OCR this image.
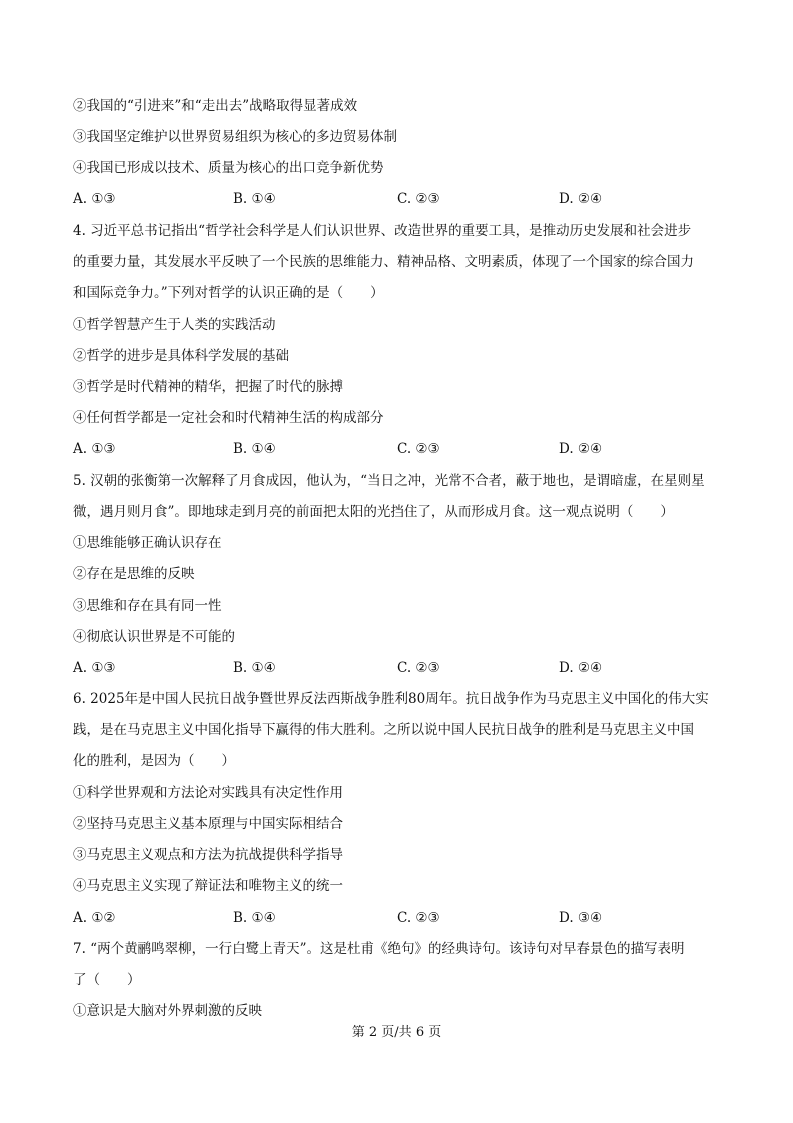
②我国的“引进来”和“走出去”战略取得显著成效
③我国坚定维护以世界贸易组织为核心的多边贸易体制
④我国已形成以技术、质量为核心的出口竞争新优势
A. ①③	B. ①④	C. ②③	D. ②④
4. 习近平总书记指出“哲学社会科学是人们认识世界、改造世界的重要工具，是推动历史发展和社会进步
的重要力量，其发展水平反映了一个民族的思维能力、精神品格、文明素质，体现了一个国家的综合国力
和国际竞争力。”下列对哲学的认识正确的是（　　）
①哲学智慧产生于人类的实践活动
②哲学的进步是具体科学发展的基础
③哲学是时代精神的精华，把握了时代的脉搏
④任何哲学都是一定社会和时代精神生活的构成部分
A. ①③	B. ①④	C. ②③	D. ②④
5. 汉朝的张衡第一次解释了月食成因，他认为，“当日之冲，光常不合者，蔽于地也，是谓暗虚，在星则星
微，遇月则月食”。即地球走到月亮的前面把太阳的光挡住了，从而形成月食。这一观点说明（　　）
①思维能够正确认识存在
②存在是思维的反映
③思维和存在具有同一性
④彻底认识世界是不可能的
A. ①③	B. ①④	C. ②③	D. ②④
6. 2025年是中国人民抗日战争暨世界反法西斯战争胜利80周年。抗日战争作为马克思主义中国化的伟大实
践，是在马克思主义中国化指导下赢得的伟大胜利。之所以说中国人民抗日战争的胜利是马克思主义中国
化的胜利，是因为（　　）
①科学世界观和方法论对实践具有决定性作用
②坚持马克思主义基本原理与中国实际相结合
③马克思主义观点和方法为抗战提供科学指导
④马克思主义实现了辩证法和唯物主义的统一
A. ①②	B. ①④	C. ②③	D. ③④
7. “两个黄鹂鸣翠柳，一行白鹭上青天”。这是杜甫《绝句》的经典诗句。该诗句对早春景色的描写表明
了（　　）
①意识是大脑对外界刺激的反映
第 2 页/共 6 页
